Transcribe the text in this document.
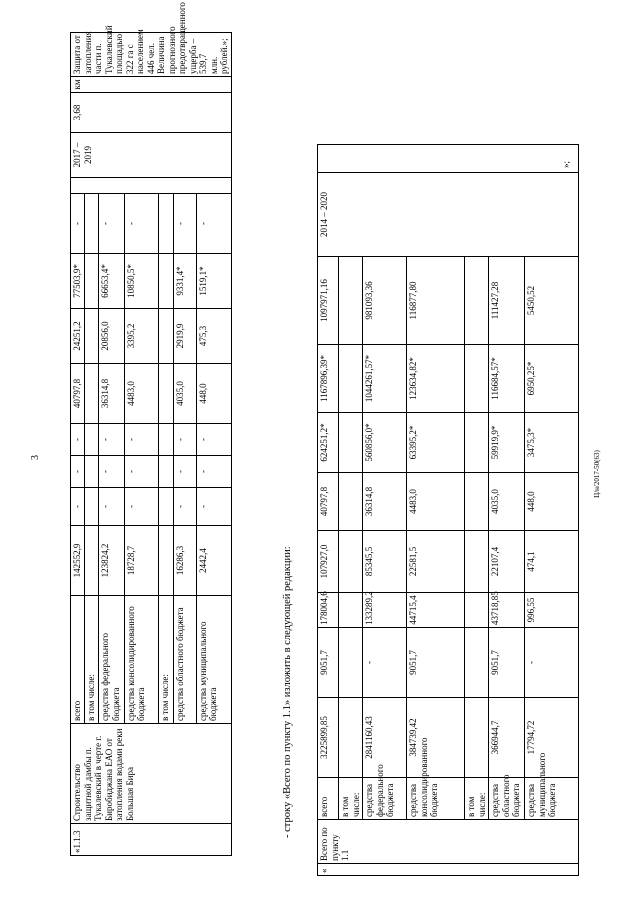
3
«1.1.3	Строительство защитной дамбы п. Тукалевский в черте г. Биробиджана ЕАО от затопления водами реки Большая Бира	всего	142552,9	-	-	-	40797,8	24251,2	77503,9*	-		2017 – 2019	3,68	км	Защита от затопления части п. Тукалевский площадью 322 га с населением 446 чел. Величина прогнозного предотвращенного ущерба – 539,7 млн. рублей.»;
		в том числе:													
		средства федерального бюджета	123824,2	-	-	-	36314,8	20856,0	66653,4*	-					
		средства консолидированного бюджета	18728,7	-	-	-	4483,0	3395,2	10850,5*	-					
		в том числе:													
		средства областного бюджета	16286,3	-	-	-	4035,0	2919,9	9331,4*	-					
		средства муниципального бюджета	2442,4	-	-	-	448,0	475,3	1519,1*	-					
- строку «Всего по пункту 1.1» изложить в следующей редакции:
«	Всего по пункту 1.1	всего	3225899,85	9051,7	178004,6	107927,0	40797,8	624251,2*	1167896,39*	1097971,16	2014 – 2020	
		в том числе:										
		средства федерального бюджета	2841160,43	-	133289,2	85345,5	36314,8	560856,0*	1044261,57*	981093,36		
		средства консолидированного бюджета	384739,42	9051,7	44715,4	22581,5	4483,0	63395,2*	123634,82*	116877,80		
		в том числе:										
		средства областного бюджета	366944,7	9051,7	43718,85	22107,4	4035,0	59919,9*	116684,57*	111427,28		
		средства муниципального бюджета	17794,72	-	996,55	474,1	448,0	3475,3*	6950,25*	5450,52		»;
Ц/н/2017-50(63)
